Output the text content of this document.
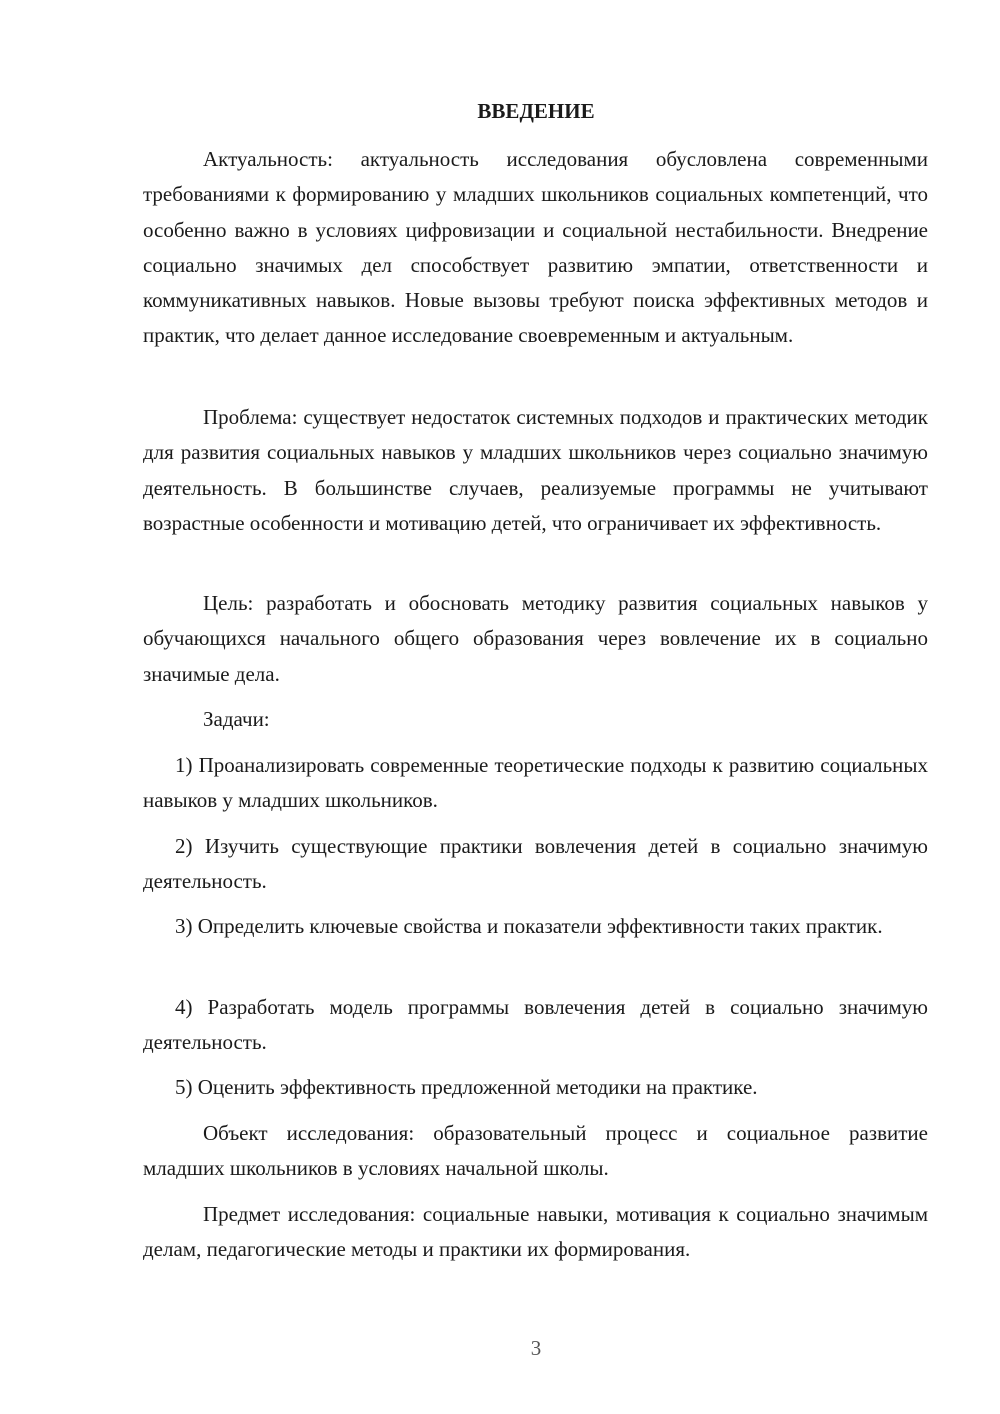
ВВЕДЕНИЕ

Актуальность: актуальность исследования обусловлена современными требованиями к формированию у младших школьников социальных компетенций, что особенно важно в условиях цифровизации и социальной нестабильности. Внедрение социально значимых дел способствует развитию эмпатии, ответственности и коммуникативных навыков. Новые вызовы требуют поиска эффективных методов и практик, что делает данное исследование своевременным и актуальным.

Проблема: существует недостаток системных подходов и практических методик для развития социальных навыков у младших школьников через социально значимую деятельность. В большинстве случаев, реализуемые программы не учитывают возрастные особенности и мотивацию детей, что ограничивает их эффективность.

Цель: разработать и обосновать методику развития социальных навыков у обучающихся начального общего образования через вовлечение их в социально значимые дела.

Задачи:

1) Проанализировать современные теоретические подходы к развитию социальных навыков у младших школьников.

2) Изучить существующие практики вовлечения детей в социально значимую деятельность.

3) Определить ключевые свойства и показатели эффективности таких практик.

4) Разработать модель программы вовлечения детей в социально значимую деятельность.

5) Оценить эффективность предложенной методики на практике.

Объект исследования: образовательный процесс и социальное развитие младших школьников в условиях начальной школы.

Предмет исследования: социальные навыки, мотивация к социально значимым делам, педагогические методы и практики их формирования.

3
